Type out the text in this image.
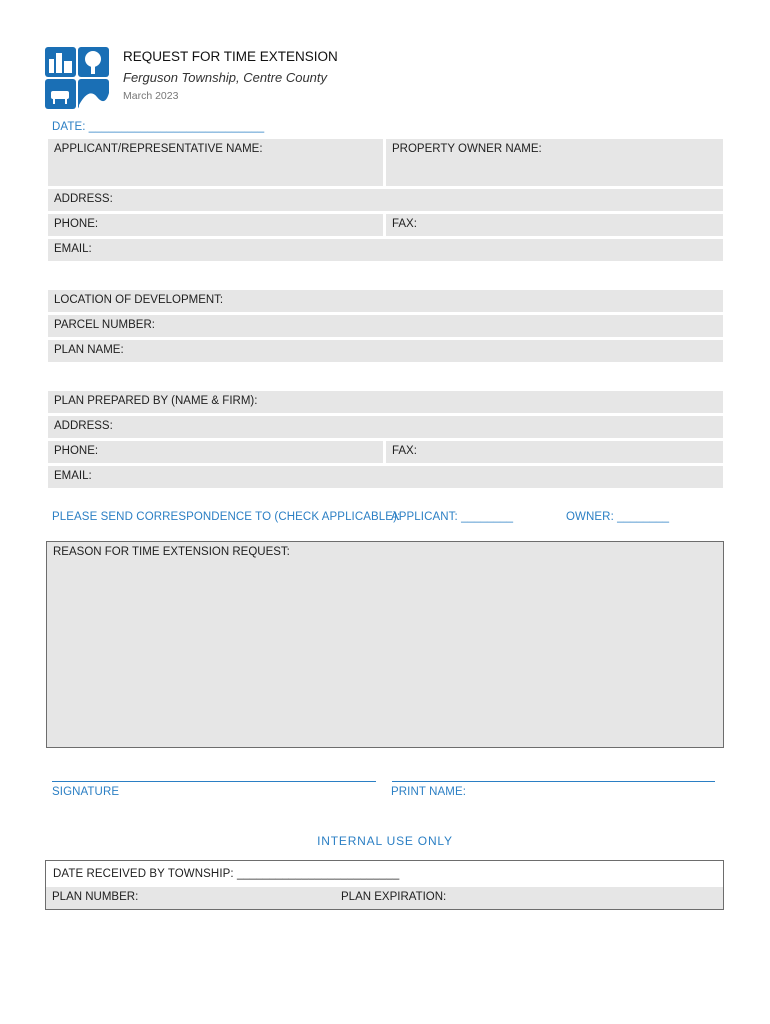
REQUEST FOR TIME EXTENSION
Ferguson Township, Centre County
March 2023
DATE: ___________________________
APPLICANT/REPRESENTATIVE NAME:	PROPERTY OWNER NAME:
ADDRESS:
PHONE:	FAX:
EMAIL:
LOCATION OF DEVELOPMENT:
PARCEL NUMBER:
PLAN NAME:
PLAN PREPARED BY (NAME & FIRM):
ADDRESS:
PHONE:	FAX:
EMAIL:
PLEASE SEND CORRESPONDENCE TO (CHECK APPLICABLE):
APPLICANT: ________	OWNER: ________
REASON FOR TIME EXTENSION REQUEST:
SIGNATURE	PRINT NAME:
INTERNAL USE ONLY
DATE RECEIVED BY TOWNSHIP: _________________________
PLAN NUMBER:	PLAN EXPIRATION:
